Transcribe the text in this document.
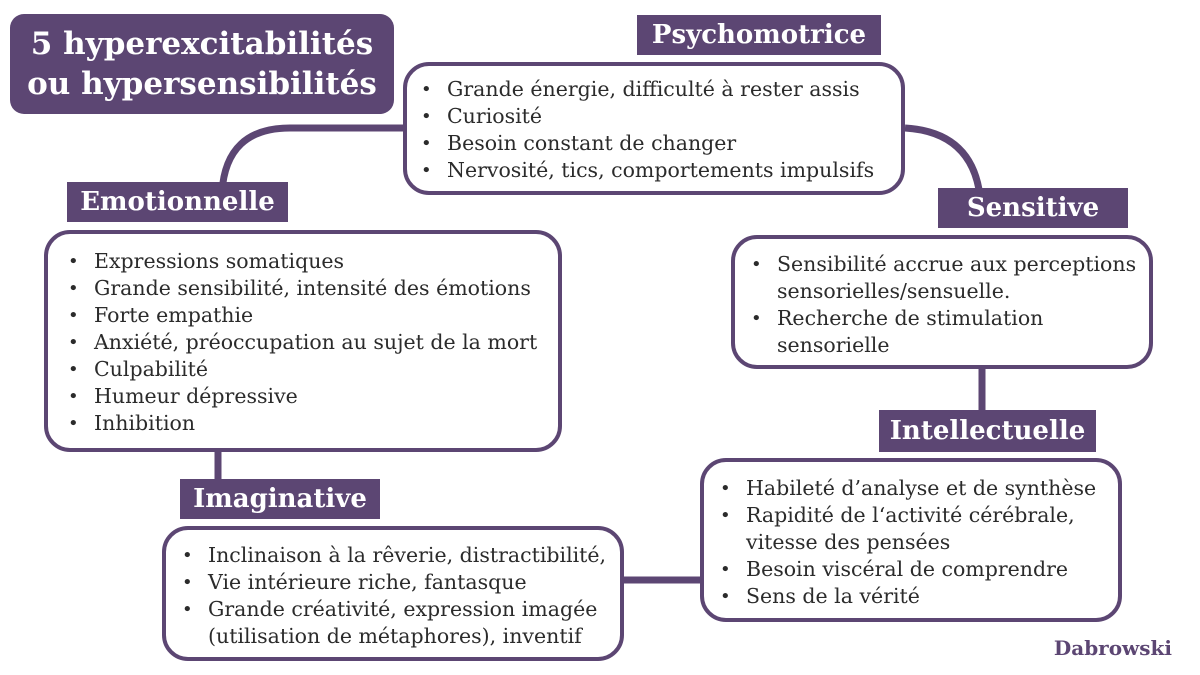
5 hyperexcitabilités
ou hypersensibilités
•	Grande énergie, difficulté à rester assis
• Curiosité
• Besoin constant de changer
• Nervosité, tics, comportements impulsifs
Psychomotrice
• Expressions somatiques
• Grande sensibilité, intensité des émotions
• Forte empathie
• Anxiété, préoccupation au sujet de la mort
• Culpabilité
• Humeur dépressive
• Inhibition
Emotionnelle
• Sensibilité accrue aux perceptions
sensorielles/sensuelle.
• Recherche de stimulation
sensorielle
Sensitive
• Habileté d’analyse et de synthèse
• Rapidité de l‘activité cérébrale,
vitesse des pensées
• Besoin viscéral de comprendre
• Sens de la vérité
Intellectuelle
• Inclinaison à la rêverie, distractibilité,
• Vie intérieure riche, fantasque
• Grande créativité, expression imagée
(utilisation de métaphores), inventif
Imaginative
Dabrowski
